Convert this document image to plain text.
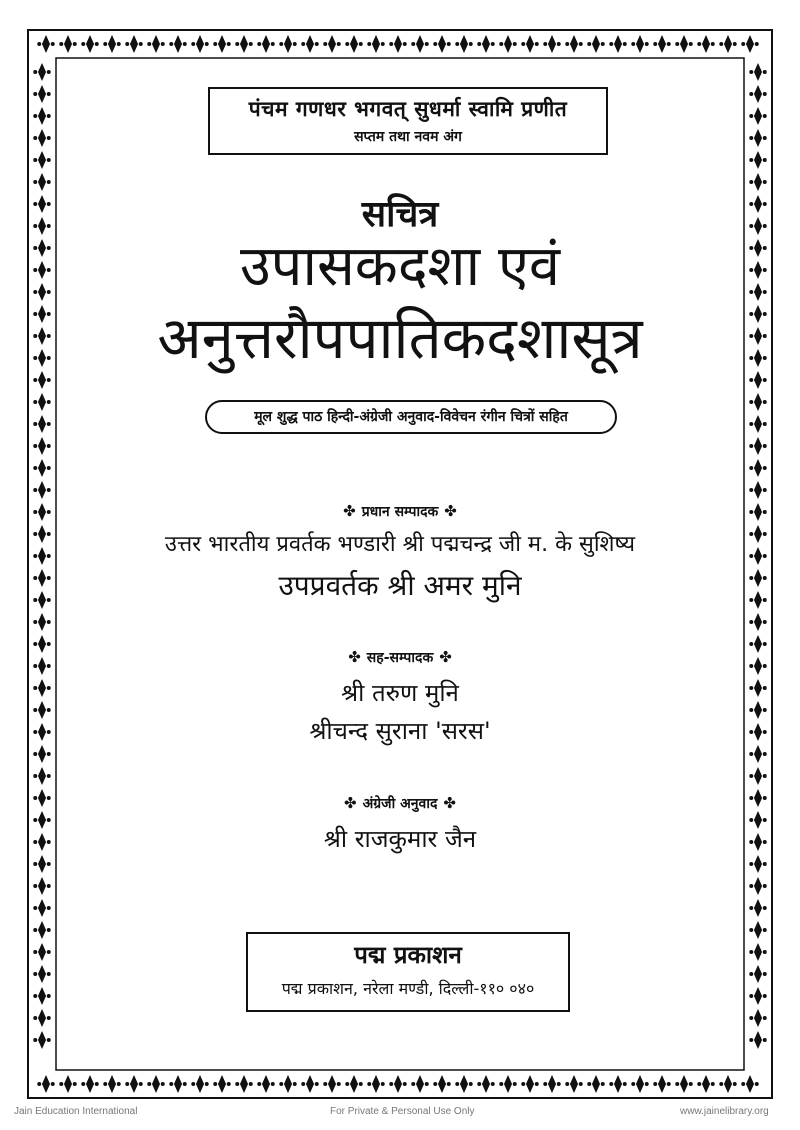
पंचम गणधर भगवत् सुधर्मा स्वामि प्रणीत
सप्तम तथा नवम अंग
सचित्र
उपासकदशा एवं
अनुत्तरौपपातिकदशासूत्र
मूल शुद्ध पाठ हिन्दी-अंग्रेजी अनुवाद-विवेचन रंगीन चित्रों सहित
✤ प्रधान सम्पादक ✤
उत्तर भारतीय प्रवर्तक भण्डारी श्री पद्मचन्द्र जी म. के सुशिष्य
उपप्रवर्तक श्री अमर मुनि
✤ सह-सम्पादक ✤
श्री तरुण मुनि
श्रीचन्द सुराना 'सरस'
✤ अंग्रेजी अनुवाद ✤
श्री राजकुमार जैन
पद्म प्रकाशन
पद्म प्रकाशन, नरेला मण्डी, दिल्ली-११० ०४०
Jain Education International	For Private & Personal Use Only	www.jainelibrary.org
